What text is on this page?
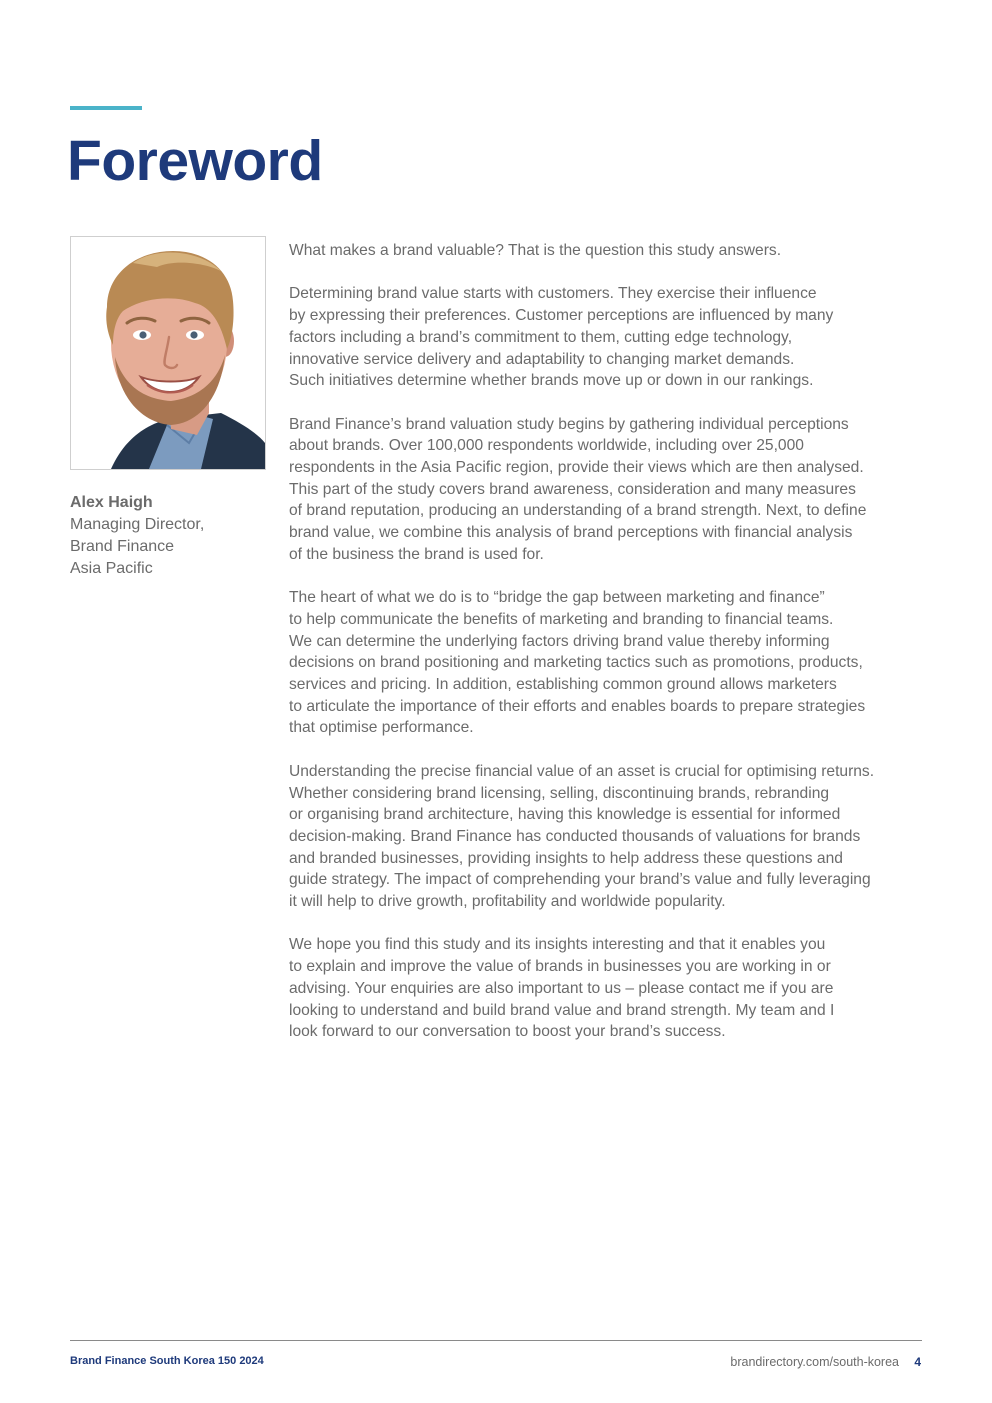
Foreword
Alex Haigh
Managing Director,
Brand Finance
Asia Pacific

What makes a brand valuable? That is the question this study answers.

Determining brand value starts with customers. They exercise their influence
by expressing their preferences. Customer perceptions are influenced by many
factors including a brand’s commitment to them, cutting edge technology,
innovative service delivery and adaptability to changing market demands.
Such initiatives determine whether brands move up or down in our rankings.

Brand Finance’s brand valuation study begins by gathering individual perceptions
about brands. Over 100,000 respondents worldwide, including over 25,000
respondents in the Asia Pacific region, provide their views which are then analysed.
This part of the study covers brand awareness, consideration and many measures
of brand reputation, producing an understanding of a brand strength. Next, to define
brand value, we combine this analysis of brand perceptions with financial analysis
of the business the brand is used for.

The heart of what we do is to “bridge the gap between marketing and finance”
to help communicate the benefits of marketing and branding to financial teams.
We can determine the underlying factors driving brand value thereby informing
decisions on brand positioning and marketing tactics such as promotions, products,
services and pricing. In addition, establishing common ground allows marketers
to articulate the importance of their efforts and enables boards to prepare strategies
that optimise performance.

Understanding the precise financial value of an asset is crucial for optimising returns.
Whether considering brand licensing, selling, discontinuing brands, rebranding
or organising brand architecture, having this knowledge is essential for informed
decision-making. Brand Finance has conducted thousands of valuations for brands
and branded businesses, providing insights to help address these questions and
guide strategy. The impact of comprehending your brand’s value and fully leveraging
it will help to drive growth, profitability and worldwide popularity.

We hope you find this study and its insights interesting and that it enables you
to explain and improve the value of brands in businesses you are working in or
advising. Your enquiries are also important to us – please contact me if you are
looking to understand and build brand value and brand strength. My team and I
look forward to our conversation to boost your brand’s success.

Brand Finance South Korea 150 2024	brandirectory.com/south-korea 4
